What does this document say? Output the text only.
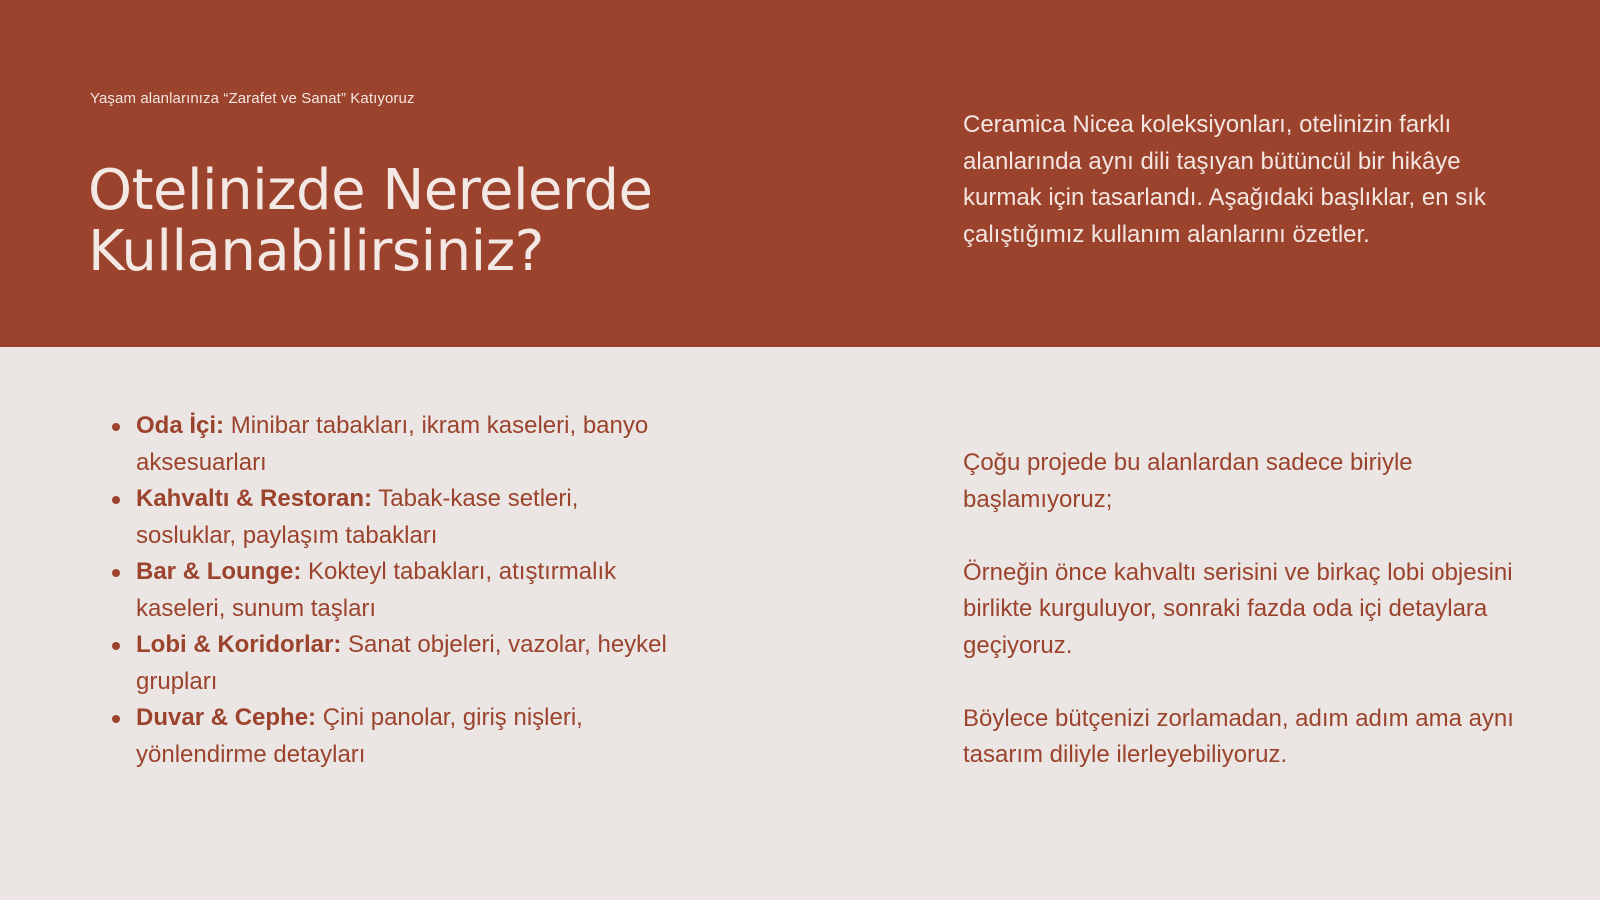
Yaşam alanlarınıza “Zarafet ve Sanat” Katıyoruz
Otelinizde Nerelerde
Kullanabilirsiniz?

Ceramica Nicea koleksiyonları, otelinizin farklı alanlarında aynı dili taşıyan bütüncül bir hikâye kurmak için tasarlandı. Aşağıdaki başlıklar, en sık çalıştığımız kullanım alanlarını özetler.

Oda İçi: Minibar tabakları, ikram kaseleri, banyo aksesuarları
Kahvaltı & Restoran: Tabak-kase setleri, sosluklar, paylaşım tabakları
Bar & Lounge: Kokteyl tabakları, atıştırmalık kaseleri, sunum taşları
Lobi & Koridorlar: Sanat objeleri, vazolar, heykel grupları
Duvar & Cephe: Çini panolar, giriş nişleri, yönlendirme detayları

Çoğu projede bu alanlardan sadece biriyle başlamıyoruz;

Örneğin önce kahvaltı serisini ve birkaç lobi objesini birlikte kurguluyor, sonraki fazda oda içi detaylara geçiyoruz.

Böylece bütçenizi zorlamadan, adım adım ama aynı tasarım diliyle ilerleyebiliyoruz.
